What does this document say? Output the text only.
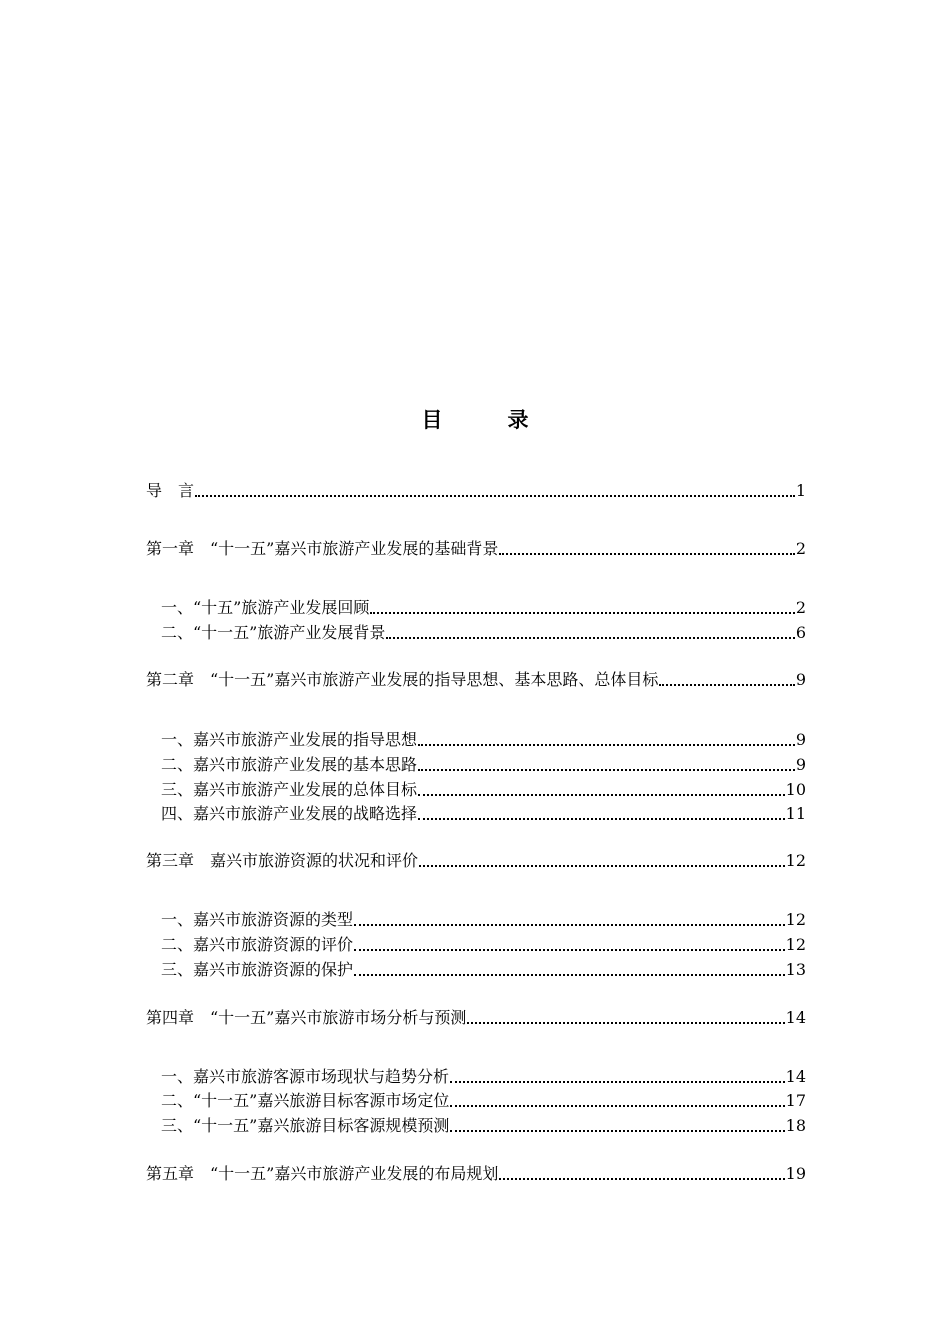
目　录
导　言	1
第一章　“十一五”嘉兴市旅游产业发展的基础背景	2
一、“十五”旅游产业发展回顾	2
二、“十一五”旅游产业发展背景	6
第二章　“十一五”嘉兴市旅游产业发展的指导思想、基本思路、总体目标	9
一、嘉兴市旅游产业发展的指导思想	9
二、嘉兴市旅游产业发展的基本思路	9
三、嘉兴市旅游产业发展的总体目标	10
四、嘉兴市旅游产业发展的战略选择	11
第三章　嘉兴市旅游资源的状况和评价	12
一、嘉兴市旅游资源的类型	12
二、嘉兴市旅游资源的评价	12
三、嘉兴市旅游资源的保护	13
第四章　“十一五”嘉兴市旅游市场分析与预测	14
一、嘉兴市旅游客源市场现状与趋势分析	14
二、“十一五”嘉兴旅游目标客源市场定位	17
三、“十一五”嘉兴旅游目标客源规模预测	18
第五章　“十一五”嘉兴市旅游产业发展的布局规划	19
